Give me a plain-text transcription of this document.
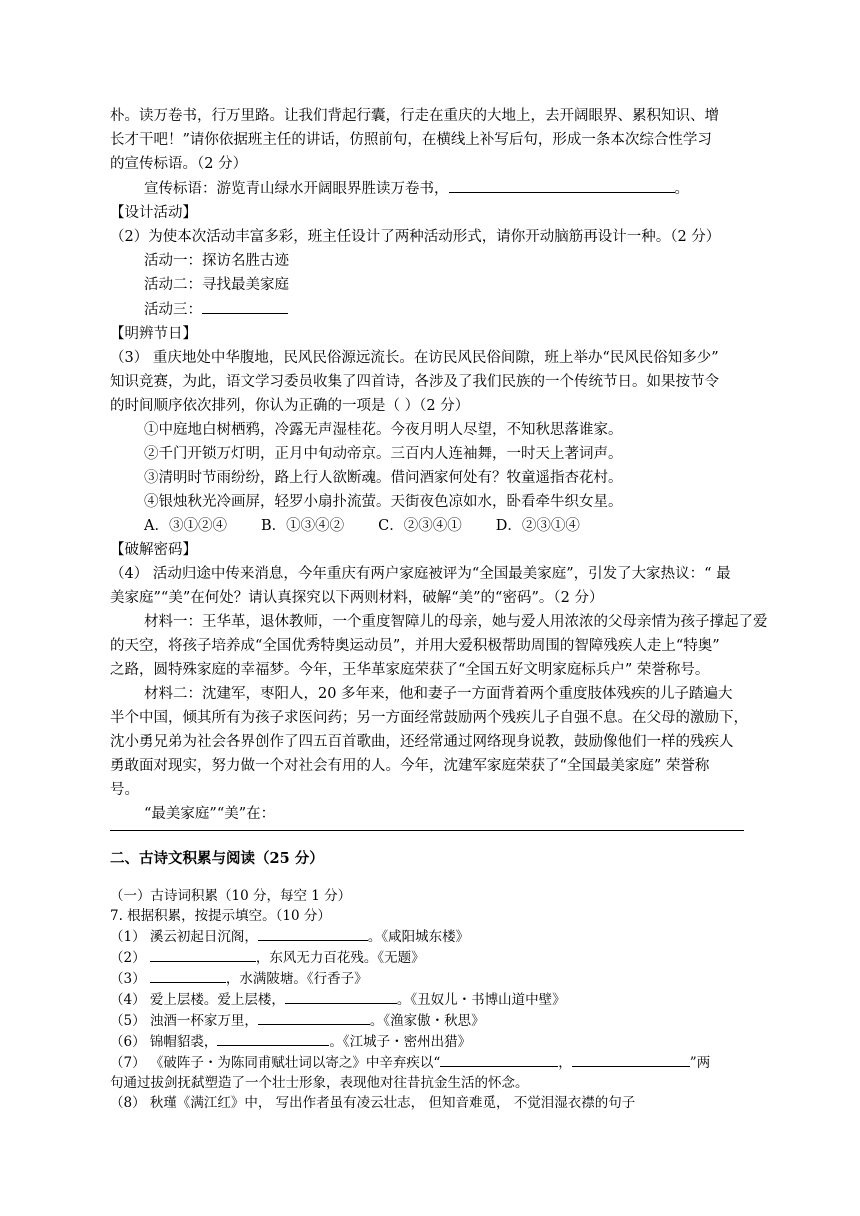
朴。读万卷书，行万里路。让我们背起行囊，行走在重庆的大地上，去开阔眼界、累积知识、增

长才干吧！”请你依据班主任的讲话，仿照前句，在横线上补写后句，形成一条本次综合性学习

的宣传标语。（2 分）

宣传标语：游览青山绿水开阔眼界胜读万卷书，	。

【设计活动】

（2）为使本次活动丰富多彩，班主任设计了两种活动形式，请你开动脑筋再设计一种。（2 分）

活动一：探访名胜古迹

活动二：寻找最美家庭

活动三：

【明辨节日】

（3） 重庆地处中华腹地，民风民俗源远流长。在访民风民俗间隙，班上举办“民风民俗知多少”

知识竞赛，为此，语文学习委员收集了四首诗，各涉及了我们民族的一个传统节日。如果按节令

的时间顺序依次排列，你认为正确的一项是（ ）（2 分）

①中庭地白树栖鸦，冷露无声湿桂花。今夜月明人尽望，不知秋思落谁家。

②千门开锁万灯明，正月中旬动帝京。三百内人连袖舞，一时天上著词声。

③清明时节雨纷纷，路上行人欲断魂。借问酒家何处有？牧童遥指杏花村。

④银烛秋光冷画屏，轻罗小扇扑流萤。天街夜色凉如水，卧看牵牛织女星。

A．③①②④ B．①③④② C．②③④① D．②③①④

【破解密码】

（4） 活动归途中传来消息，今年重庆有两户家庭被评为“全国最美家庭”，引发了大家热议：“ 最

美家庭”“美”在何处？请认真探究以下两则材料，破解“美”的“密码”。（2 分）

材料一：王华革，退休教师，一个重度智障儿的母亲，她与爱人用浓浓的父母亲情为孩子撑起了爱

的天空，将孩子培养成“全国优秀特奥运动员”，并用大爱积极帮助周围的智障残疾人走上“特奥”

之路，圆特殊家庭的幸福梦。今年，王华革家庭荣获了“全国五好文明家庭标兵户” 荣誉称号。

材料二：沈建军，枣阳人，20 多年来，他和妻子一方面背着两个重度肢体残疾的儿子踏遍大

半个中国，倾其所有为孩子求医问药；另一方面经常鼓励两个残疾儿子自强不息。在父母的激励下，

沈小勇兄弟为社会各界创作了四五百首歌曲，还经常通过网络现身说教，鼓励像他们一样的残疾人

勇敢面对现实，努力做一个对社会有用的人。今年，沈建军家庭荣获了“全国最美家庭” 荣誉称

号。

“最美家庭”“美”在：

二、古诗文积累与阅读（25 分）

（一）古诗词积累（10 分，每空 1 分）

7. 根据积累，按提示填空。（10 分）

（1） 溪云初起日沉阁，	。《咸阳城东楼》

（2）	，东风无力百花残。《无题》

（3）	，水满陂塘。《行香子》

（4） 爱上层楼。爱上层楼，	。《丑奴儿・书博山道中壁》

（5） 浊酒一杯家万里，	。《渔家傲・秋思》

（6） 锦帽貂裘，	。《江城子・密州出猎》

（7） 《破阵子・为陈同甫赋壮词以寄之》中辛弃疾以“	，	”两

句通过拔剑抚弑塑造了一个壮士形象，表现他对往昔抗金生活的怀念。

（8） 秋瑾《满江红》中， 写出作者虽有凌云壮志， 但知音难觅， 不觉泪湿衣襟的句子
